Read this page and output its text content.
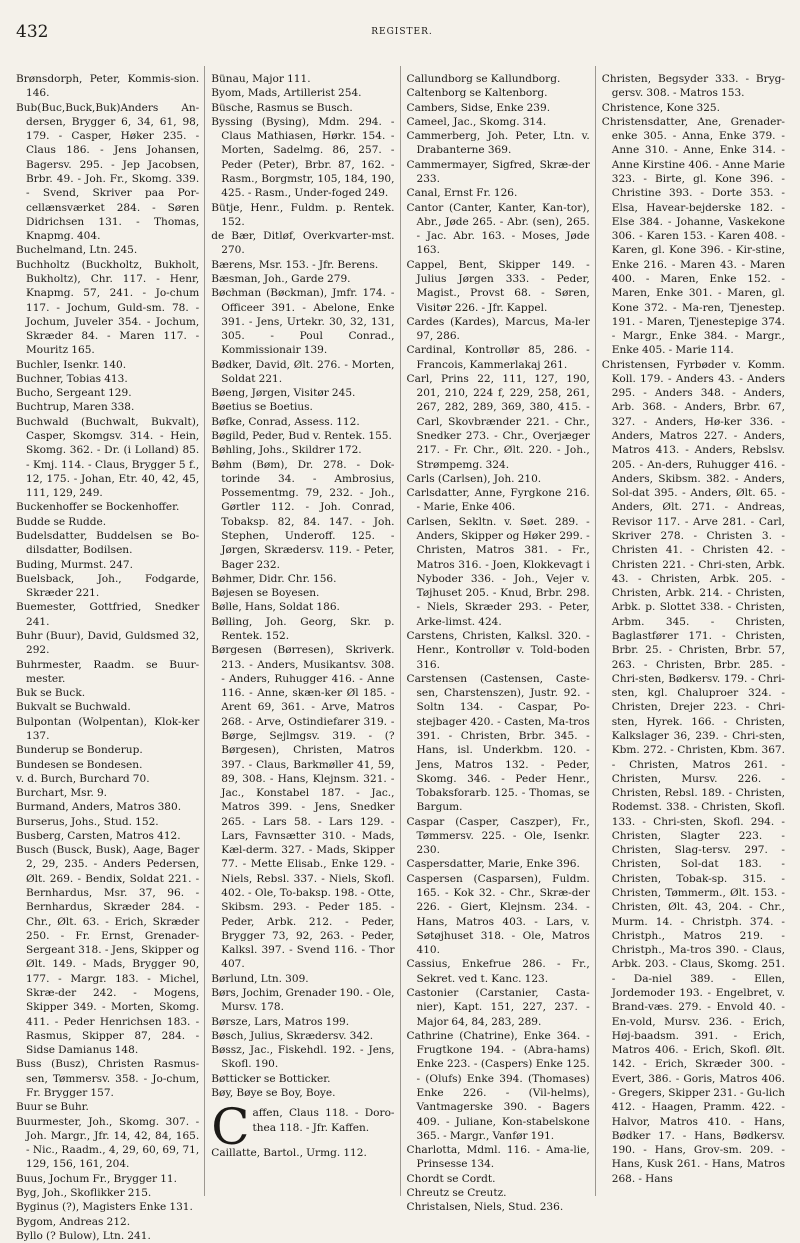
432	REGISTER.

Brønsdorph, Peter, Kommis-sion. 146.

Bub(Buc,Buck,Buk)Anders An-dersen, Brygger 6, 34, 61, 98, 179. - Casper, Høker 235. - Claus 186. - Jens Johansen, Bagersv. 295. - Jep Jacobsen, Brbr. 49. - Joh. Fr., Skomg. 339. - Svend, Skriver paa Por-cellænsværket 284. - Søren Didrichsen 131. - Thomas, Knapmg. 404.

Buchelmand, Ltn. 245.

Buchholtz (Buckholtz, Bukholt, Bukholtz), Chr. 117. - Henr, Knapmg. 57, 241. - Jo-chum 117. - Jochum, Guld-sm. 78. - Jochum, Juveler 354. - Jochum, Skræder 84. - Maren 117. - Mouritz 165.

Buchler, Isenkr. 140.

Buchner, Tobias 413.

Bucho, Sergeant 129.

Buchtrup, Maren 338.

Buchwald (Buchwalt, Bukvalt), Casper, Skomgsv. 314. - Hein, Skomg. 362. - Dr. (i Lolland) 85. - Kmj. 114. - Claus, Brygger 5 f., 12, 175. - Johan, Etr. 40, 42, 45, 111, 129, 249.

Buckenhoffer se Bockenhoffer.

Budde se Rudde.

Budelsdatter, Buddelsen se Bo-dilsdatter, Bodilsen.

Buding, Murmst. 247.

Buelsback, Joh., Fodgarde, Skræder 221.

Buemester, Gottfried, Snedker 241.

Buhr (Buur), David, Guldsmed 32, 292.

Buhrmester, Raadm. se Buur-mester.

Buk se Buck.

Bukvalt se Buchwald.

Bulpontan (Wolpentan), Klok-ker 137.

Bunderup se Bonderup.

Bundesen se Bondesen.

v. d. Burch, Burchard 70.

Burchart, Msr. 9.

Burmand, Anders, Matros 380.

Burserus, Johs., Stud. 152.

Busberg, Carsten, Matros 412.

Busch (Busck, Busk), Aage, Bager 2, 29, 235. - Anders Pedersen, Ølt. 269. - Bendix, Soldat 221. - Bernhardus, Msr. 37, 96. - Bernhardus, Skræder 284. - Chr., Ølt. 63. - Erich, Skræder 250. - Fr. Ernst, Grenader-Sergeant 318. - Jens, Skipper og Ølt. 149. - Mads, Brygger 90, 177. - Margr. 183. - Michel, Skræ-der 242. - Mogens, Skipper 349. - Morten, Skomg. 411. - Peder Henrichsen 183. - Rasmus, Skipper 87, 284. - Sidse Damianus 148.

Buss (Busz), Christen Rasmus-sen, Tømmersv. 358. - Jo-chum, Fr. Brygger 157.

Buur se Buhr.

Buurmester, Joh., Skomg. 307. - Joh. Margr., Jfr. 14, 42, 84, 165. - Nic., Raadm., 4, 29, 60, 69, 71, 129, 156, 161, 204.

Buus, Jochum Fr., Brygger 11.

Byg, Joh., Skoflikker 215.

Byginus (?), Magisters Enke 131.

Bygom, Andreas 212.

Byllo (? Bulow), Ltn. 241.

Bünau, Major 111.

Byom, Mads, Artillerist 254.

Büsche, Rasmus se Busch.

Byssing (Bysing), Mdm. 294. - Claus Mathiasen, Hørkr. 154. - Morten, Sadelmg. 86, 257. - Peder (Peter), Brbr. 87, 162. - Rasm., Borgmstr, 105, 184, 190, 425. - Rasm., Under-foged 249.

Bütje, Henr., Fuldm. p. Rentek. 152.

de Bær, Ditløf, Overkvarter-mst. 270.

Bærens, Msr. 153. - Jfr. Berens.

Bæsman, Joh., Garde 279.

Bøchman (Bøckman), Jmfr. 174. - Officeer 391. - Abelone, Enke 391. - Jens, Urtekr. 30, 32, 131, 305. - Poul Conrad., Kommissionair 139.

Bødker, David, Ølt. 276. - Morten, Soldat 221.

Bøeng, Jørgen, Visitør 245.

Bøetius se Boetius.

Bøfke, Conrad, Assess. 112.

Bøgild, Peder, Bud v. Rentek. 155.

Bøhling, Johs., Skildrer 172.

Bøhm (Bøm), Dr. 278. - Dok-torinde 34. - Ambrosius, Possementmg. 79, 232. - Joh., Gørtler 112. - Joh. Conrad, Tobaksp. 82, 84. 147. - Joh. Stephen, Underoff. 125. - Jørgen, Skrædersv. 119. - Peter, Bager 232.

Bøhmer, Didr. Chr. 156.

Bøjesen se Boyesen.

Bølle, Hans, Soldat 186.

Bølling, Joh. Georg, Skr. p. Rentek. 152.

Børgesen (Børresen), Skriverk. 213. - Anders, Musikantsv. 308. - Anders, Ruhugger 416. - Anne 116. - Anne, skæn-ker Øl 185. - Arent 69, 361. - Arve, Matros 268. - Arve, Ostindiefarer 319. - Børge, Sejlmgsv. 319. - (? Børgesen), Christen, Matros 397. - Claus, Barkmøller 41, 59, 89, 308. - Hans, Klejnsm. 321. - Jac., Konstabel 187. - Jac., Matros 399. - Jens, Snedker 265. - Lars 58. - Lars 129. - Lars, Favnsætter 310. - Mads, Kæl-derm. 327. - Mads, Skipper 77. - Mette Elisab., Enke 129. - Niels, Rebsl. 337. - Niels, Skofl. 402. - Ole, To-baksp. 198. - Otte, Skibsm. 293. - Peder 185. - Peder, Arbk. 212. - Peder, Brygger 73, 92, 263. - Peder, Kalksl. 397. - Svend 116. - Thor 407.

Børlund, Ltn. 309.

Børs, Jochim, Grenader 190. - Ole, Mursv. 178.

Børsze, Lars, Matros 199.

Bøsch, Julius, Skrædersv. 342.

Bøssz, Jac., Fiskehdl. 192. - Jens, Skofl. 190.

Bøtticker se Botticker.

Bøy, Bøye se Boy, Boye.

C affen, Claus 118. - Doro-thea 118. - Jfr. Kaffen.

Caillatte, Bartol., Urmg. 112.

Callundborg se Kallundborg.

Caltenborg se Kaltenborg.

Cambers, Sidse, Enke 239.

Cameel, Jac., Skomg. 314.

Cammerberg, Joh. Peter, Ltn. v. Drabanterne 369.

Cammermayer, Sigfred, Skræ-der 233.

Canal, Ernst Fr. 126.

Cantor (Canter, Kanter, Kan-tor), Abr., Jøde 265. - Abr. (sen), 265. - Jac. Abr. 163. - Moses, Jøde 163.

Cappel, Bent, Skipper 149. - Julius Jørgen 333. - Peder, Magist., Provst 68. - Søren, Visitør 226. - Jfr. Kappel.

Cardes (Kardes), Marcus, Ma-ler 97, 286.

Cardinal, Kontrollør 85, 286. - Francois, Kammerlakaj 261.

Carl, Prins 22, 111, 127, 190, 201, 210, 224 f, 229, 258, 261, 267, 282, 289, 369, 380, 415. - Carl, Skovbrænder 221. - Chr., Snedker 273. - Chr., Overjæger 217. - Fr. Chr., Ølt. 220. - Joh., Strømpemg. 324.

Carls (Carlsen), Joh. 210.

Carlsdatter, Anne, Fyrgkone 216. - Marie, Enke 406.

Carlsen, Sekltn. v. Søet. 289. - Anders, Skipper og Høker 299. - Christen, Matros 381. - Fr., Matros 316. - Joen, Klokkevagt i Nyboder 336. - Joh., Vejer v. Tøjhuset 205. - Knud, Brbr. 298. - Niels, Skræder 293. - Peter, Arke-limst. 424.

Carstens, Christen, Kalksl. 320. - Henr., Kontrollør v. Told-boden 316.

Carstensen (Castensen, Caste-sen, Charstenszen), Justr. 92. - Soltn 134. - Caspar, Po-stejbager 420. - Casten, Ma-tros 391. - Christen, Brbr. 345. - Hans, isl. Underkbm. 120. - Jens, Matros 132. - Peder, Skomg. 346. - Peder Henr., Tobaksforarb. 125. - Thomas, se Bargum.

Caspar (Casper, Caszper), Fr., Tømmersv. 225. - Ole, Isenkr. 230.

Caspersdatter, Marie, Enke 396.

Caspersen (Casparsen), Fuldm. 165. - Kok 32. - Chr., Skræ-der 226. - Giert, Klejnsm. 234. - Hans, Matros 403. - Lars, v. Søtøjhuset 318. - Ole, Matros 410.

Cassius, Enkefrue 286. - Fr., Sekret. ved t. Kanc. 123.

Castonier (Carstanier, Casta-nier), Kapt. 151, 227, 237. - Major 64, 84, 283, 289.

Cathrine (Chatrine), Enke 364. - Frugtkone 194. - (Abra-hams) Enke 223. - (Caspers) Enke 125. - (Olufs) Enke 394. (Thomases) Enke 226. - (Vil-helms), Vantmagerske 390. - Bagers 409. - Juliane, Kon-stabelskone 365. - Margr., Vanfør 191.

Charlotta, Mdml. 116. - Ama-lie, Prinsesse 134.

Chordt se Cordt.

Chreutz se Creutz.

Christalsen, Niels, Stud. 236.

Christen, Begsyder 333. - Bryg-gersv. 308. - Matros 153.

Christence, Kone 325.

Christensdatter, Ane, Grenader-enke 305. - Anna, Enke 379. - Anne 310. - Anne, Enke 314. - Anne Kirstine 406. - Anne Marie 323. - Birte, gl. Kone 396. - Christine 393. - Dorte 353. - Elsa, Havear-bejderske 182. - Else 384. - Johanne, Vaskekone 306. - Karen 153. - Karen 408. - Karen, gl. Kone 396. - Kir-stine, Enke 216. - Maren 43. - Maren 400. - Maren, Enke 152. - Maren, Enke 301. - Maren, gl. Kone 372. - Ma-ren, Tjenestep. 191. - Maren, Tjenestepige 374. - Margr., Enke 384. - Margr., Enke 405. - Marie 114.

Christensen, Fyrbøder v. Komm. Koll. 179. - Anders 43. - Anders 295. - Anders 348. - Anders, Arb. 368. - Anders, Brbr. 67, 327. - Anders, Hø-ker 336. - Anders, Matros 227. - Anders, Matros 413. - Anders, Rebslsv. 205. - An-ders, Ruhugger 416. - Anders, Skibsm. 382. - Anders, Sol-dat 395. - Anders, Ølt. 65. - Anders, Ølt. 271. - Andreas, Revisor 117. - Arve 281. - Carl, Skriver 278. - Christen 3. - Christen 41. - Christen 42. - Christen 221. - Chri-sten, Arbk. 43. - Christen, Arbk. 205. - Christen, Arbk. 214. - Christen, Arbk. p. Slottet 338. - Christen, Arbm. 345. - Christen, Baglastfører 171. - Christen, Brbr. 25. - Christen, Brbr. 57, 263. - Christen, Brbr. 285. - Chri-sten, Bødkersv. 179. - Chri-sten, kgl. Chaluproer 324. - Christen, Drejer 223. - Chri-sten, Hyrek. 166. - Christen, Kalkslager 36, 239. - Chri-sten, Kbm. 272. - Christen, Kbm. 367. - Christen, Matros 261. - Christen, Mursv. 226. - Christen, Rebsl. 189. - Christen, Rodemst. 338. - Christen, Skofl. 133. - Chri-sten, Skofl. 294. - Christen, Slagter 223. - Christen, Slag-tersv. 297. - Christen, Sol-dat 183. - Christen, Tobak-sp. 315. - Christen, Tømmerm., Ølt. 153. - Christen, Ølt. 43, 204. - Chr., Murm. 14. - Christph. 374. - Christph., Matros 219. - Christph., Ma-tros 390. - Claus, Arbk. 203. - Claus, Skomg. 251. - Da-niel 389. - Ellen, Jordemoder 193. - Engelbret, v. Brand-væs. 279. - Envold 40. - En-vold, Mursv. 236. - Erich, Høj-baadsm. 391. - Erich, Matros 406. - Erich, Skofl. Ølt. 142. - Erich, Skræder 300. - Evert, 386. - Goris, Matros 406. - Gregers, Skipper 231. - Gu-lich 412. - Haagen, Pramm. 422. - Halvor, Matros 410. - Hans, Bødker 17. - Hans, Bødkersv. 190. - Hans, Grov-sm. 209. - Hans, Kusk 261. - Hans, Matros 268. - Hans
